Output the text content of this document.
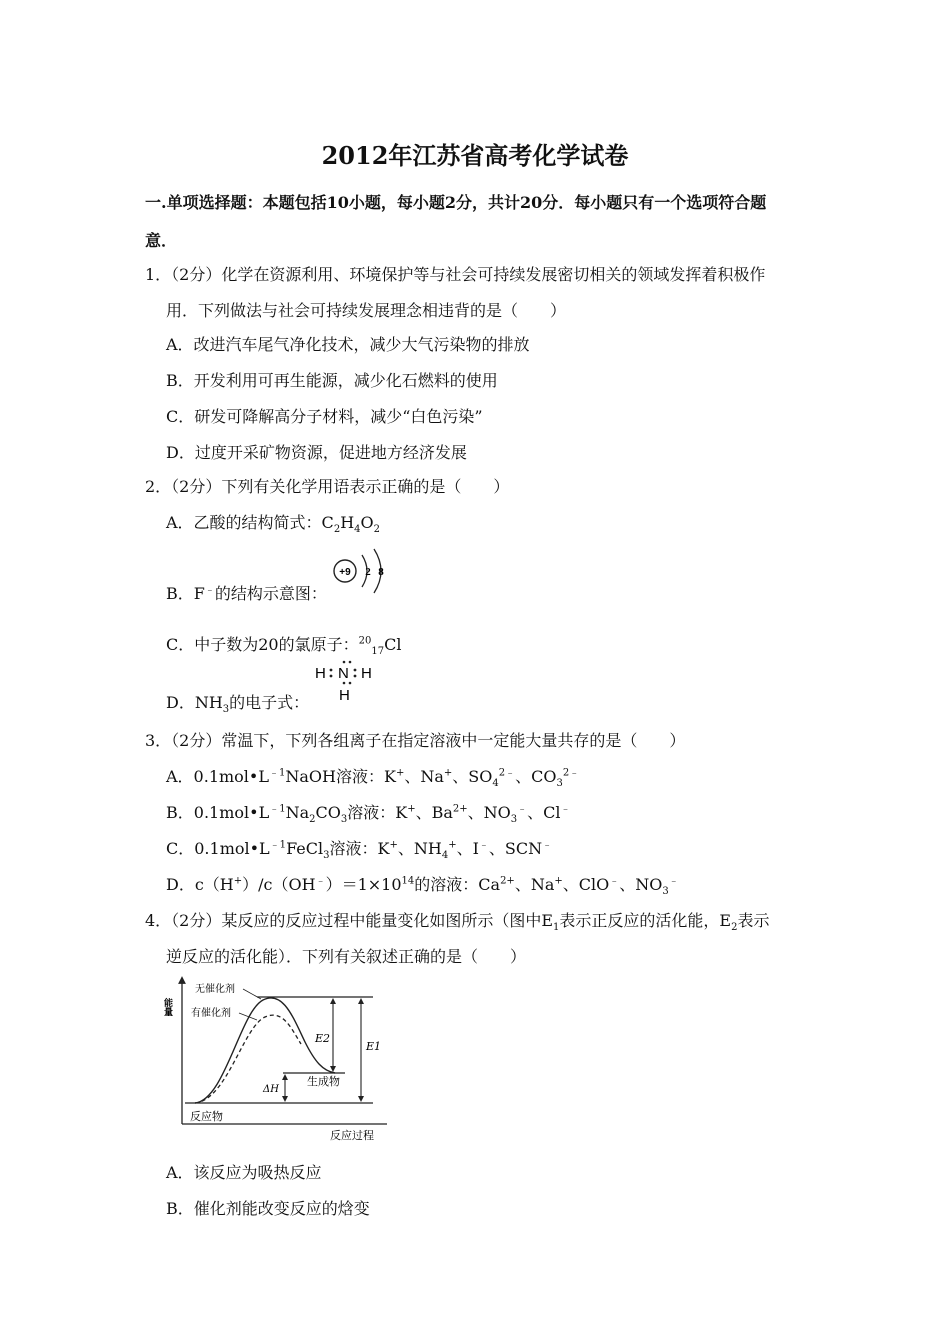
2012年江苏省高考化学试卷
一.单项选择题：本题包括10小题，每小题2分，共计20分．每小题只有一个选项符合题
意．
1．（2分）化学在资源利用、环境保护等与社会可持续发展密切相关的领域发挥着积极作
用．下列做法与社会可持续发展理念相违背的是（　　）
A．改进汽车尾气净化技术，减少大气污染物的排放
B．开发利用可再生能源，减少化石燃料的使用
C．研发可降解高分子材料，减少“白色污染”
D．过度开采矿物资源，促进地方经济发展
2．（2分）下列有关化学用语表示正确的是（　　）
A．乙酸的结构简式：$C_2H_4O_2$
B．F﹣的结构示意图：
+9 2 8
C．中子数为20的氯原子：$^{20}_{17}$Cl
D．$NH_3$的电子式：
H N H
H
3．（2分）常温下，下列各组离子在指定溶液中一定能大量共存的是（　　）
A．$0.1mol•L^{﹣1}NaOH$溶液：K+、Na+、$SO_4^{2﹣}$、$CO_3^{2﹣}$
B．$0.1mol•L^{﹣1}Na_2CO_3$溶液：K+、$Ba^{2+}$、$NO_3^﹣$、Cl﹣
C．$0.1mol•L^{﹣1}FeCl_3$溶液：K+、$NH_4^+$、I﹣、SCN﹣
D．$c(H^+)/c(OH^﹣)=1\times 10^{14}$的溶液：$Ca^{2+}$、Na+、ClO﹣、$NO_3^﹣$
4．（2分）某反应的反应过程中能量变化如图所示（图中$E_1$表示正反应的活化能，$E_2$表示
逆反应的活化能）．下列有关叙述正确的是（　　）
能量
反应过程
反应物
生成物
无催化剂
有催化剂
E2
E1
ΔH
A．该反应为吸热反应
B．催化剂能改变反应的焓变
